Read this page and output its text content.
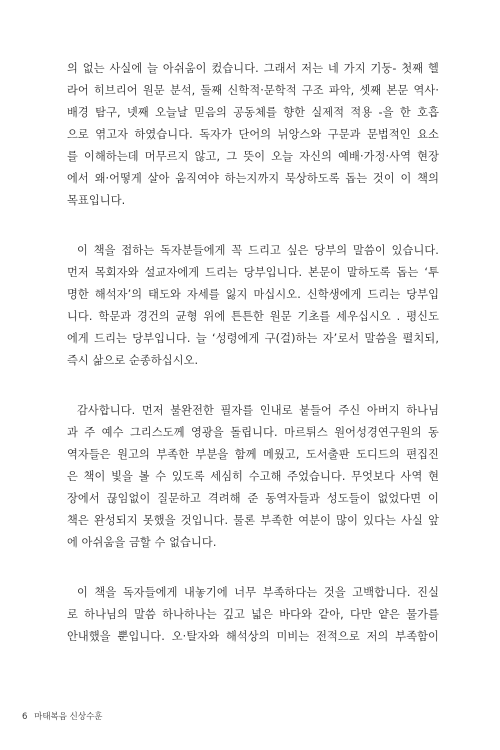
의 없는 사실에 늘 아쉬움이 컸습니다. 그래서 저는 네 가지 기둥- 첫째 헬
라어 히브리어 원문 분석, 둘째 신학적·문학적 구조 파악, 셋째 본문 역사·
배경 탐구, 넷째 오늘날 믿음의 공동체를 향한 실제적 적용 -을 한 호흡
으로 엮고자 하였습니다. 독자가 단어의 뉘앙스와 구문과 문법적인 요소
를 이해하는데 머무르지 않고, 그 뜻이 오늘 자신의 예배·가정·사역 현장
에서 왜·어떻게 살아 움직여야 하는지까지 묵상하도록 돕는 것이 이 책의
목표입니다.
이 책을 접하는 독자분들에게 꼭 드리고 싶은 당부의 말씀이 있습니다.
먼저 목회자와 설교자에게 드리는 당부입니다. 본문이 말하도록 돕는 ‘투
명한 해석자’의 태도와 자세를 잃지 마십시오. 신학생에게 드리는 당부입
니다. 학문과 경건의 균형 위에 튼튼한 원문 기초를 세우십시오 . 평신도
에게 드리는 당부입니다. 늘 ‘성령에게 구(걸)하는 자’로서 말씀을 펼치되,
즉시 삶으로 순종하십시오.
감사합니다. 먼저 불완전한 필자를 인내로 붙들어 주신 아버지 하나님
과 주 예수 그리스도께 영광을 돌립니다. 마르튀스 원어성경연구원의 동
역자들은 원고의 부족한 부분을 함께 메웠고, 도서출판 도디드의 편집진
은 책이 빛을 볼 수 있도록 세심히 수고해 주었습니다. 무엇보다 사역 현
장에서 끊임없이 질문하고 격려해 준 동역자들과 성도들이 없었다면 이
책은 완성되지 못했을 것입니다. 물론 부족한 여분이 많이 있다는 사실 앞
에 아쉬움을 금할 수 없습니다.
이 책을 독자들에게 내놓기에 너무 부족하다는 것을 고백합니다. 진실
로 하나님의 말씀 하나하나는 깊고 넓은 바다와 같아, 다만 얕은 물가를
안내했을 뿐입니다. 오·탈자와 해석상의 미비는 전적으로 저의 부족함이
6 마태복음 신상수훈
